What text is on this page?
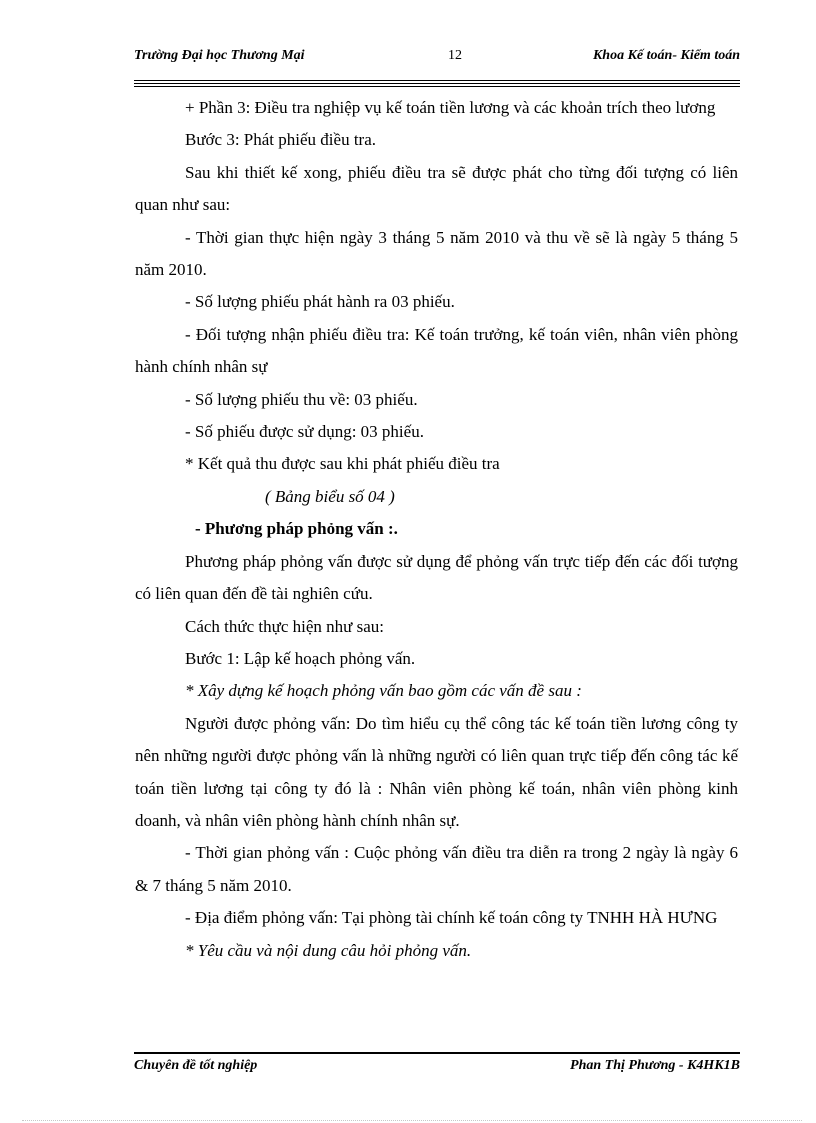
Trường Đại học Thương Mại	12	Khoa Kế toán- Kiểm toán

+ Phần 3: Điều tra nghiệp vụ kế toán tiền lương và các khoản trích theo lương

Bước 3: Phát phiếu điều tra.

Sau khi thiết kế xong, phiếu điều tra sẽ được phát cho từng đối tượng có liên quan như sau:

- Thời gian thực hiện ngày 3 tháng 5 năm 2010 và thu về sẽ là ngày 5 tháng 5 năm 2010.

- Số lượng phiếu phát hành ra 03 phiếu.

- Đối tượng nhận phiếu điều tra: Kế toán trưởng, kế toán viên, nhân viên phòng hành chính nhân sự

- Số lượng phiếu thu về: 03 phiếu.

- Số phiếu được sử dụng: 03 phiếu.

* Kết quả thu được sau khi phát phiếu điều tra

( Bảng biểu số 04 )

- Phương pháp phỏng vấn :.

Phương pháp phỏng vấn được sử dụng để phỏng vấn trực tiếp đến các đối tượng có liên quan đến đề tài nghiên cứu.

Cách thức thực hiện như sau:

Bước 1: Lập kế hoạch phỏng vấn.

* Xây dựng kế hoạch phỏng vấn bao gồm các vấn đề sau :

Người được phỏng vấn: Do tìm hiểu cụ thể công tác kế toán tiền lương công ty nên những người được phỏng vấn là những người có liên quan trực tiếp đến công tác kế toán tiền lương tại công ty đó là : Nhân viên phòng kế toán, nhân viên phòng kinh doanh, và nhân viên phòng hành chính nhân sự.

- Thời gian phỏng vấn : Cuộc phỏng vấn điều tra diễn ra trong 2 ngày là ngày 6 & 7 tháng 5 năm 2010.

- Địa điểm phỏng vấn: Tại phòng tài chính kế toán công ty TNHH HÀ HƯNG

* Yêu cầu và nội dung câu hỏi phỏng vấn.

Chuyên đề tốt nghiệp	Phan Thị Phương - K4HK1B
